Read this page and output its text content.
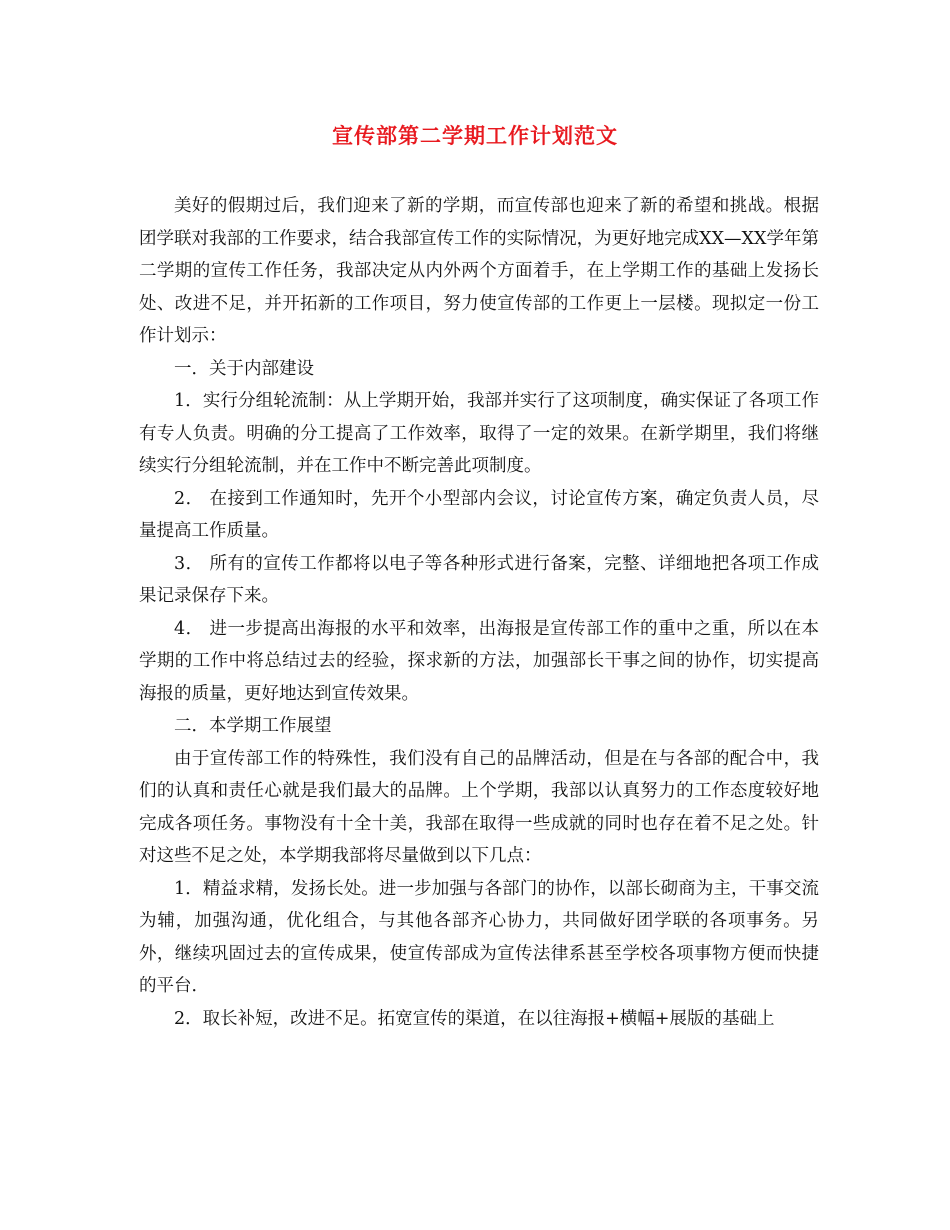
宣传部第二学期工作计划范文

美好的假期过后，我们迎来了新的学期，而宣传部也迎来了新的希望和挑战。根据团学联对我部的工作要求，结合我部宣传工作的实际情况，为更好地完成XX—XX学年第二学期的宣传工作任务，我部决定从内外两个方面着手，在上学期工作的基础上发扬长处、改进不足，并开拓新的工作项目，努力使宣传部的工作更上一层楼。现拟定一份工作计划示：

一．关于内部建设

1．实行分组轮流制：从上学期开始，我部并实行了这项制度，确实保证了各项工作有专人负责。明确的分工提高了工作效率，取得了一定的效果。在新学期里，我们将继续实行分组轮流制，并在工作中不断完善此项制度。

2． 在接到工作通知时，先开个小型部内会议，讨论宣传方案，确定负责人员，尽量提高工作质量。

3． 所有的宣传工作都将以电子等各种形式进行备案，完整、详细地把各项工作成果记录保存下来。

4． 进一步提高出海报的水平和效率，出海报是宣传部工作的重中之重，所以在本学期的工作中将总结过去的经验，探求新的方法，加强部长干事之间的协作，切实提高海报的质量，更好地达到宣传效果。

二．本学期工作展望

由于宣传部工作的特殊性，我们没有自己的品牌活动，但是在与各部的配合中，我们的认真和责任心就是我们最大的品牌。上个学期，我部以认真努力的工作态度较好地完成各项任务。事物没有十全十美，我部在取得一些成就的同时也存在着不足之处。针对这些不足之处，本学期我部将尽量做到以下几点：

1．精益求精，发扬长处。进一步加强与各部门的协作，以部长砌商为主，干事交流为辅，加强沟通，优化组合，与其他各部齐心协力，共同做好团学联的各项事务。另外，继续巩固过去的宣传成果，使宣传部成为宣传法律系甚至学校各项事物方便而快捷的平台．

2．取长补短，改进不足。拓宽宣传的渠道，在以往海报+横幅+展版的基础上
